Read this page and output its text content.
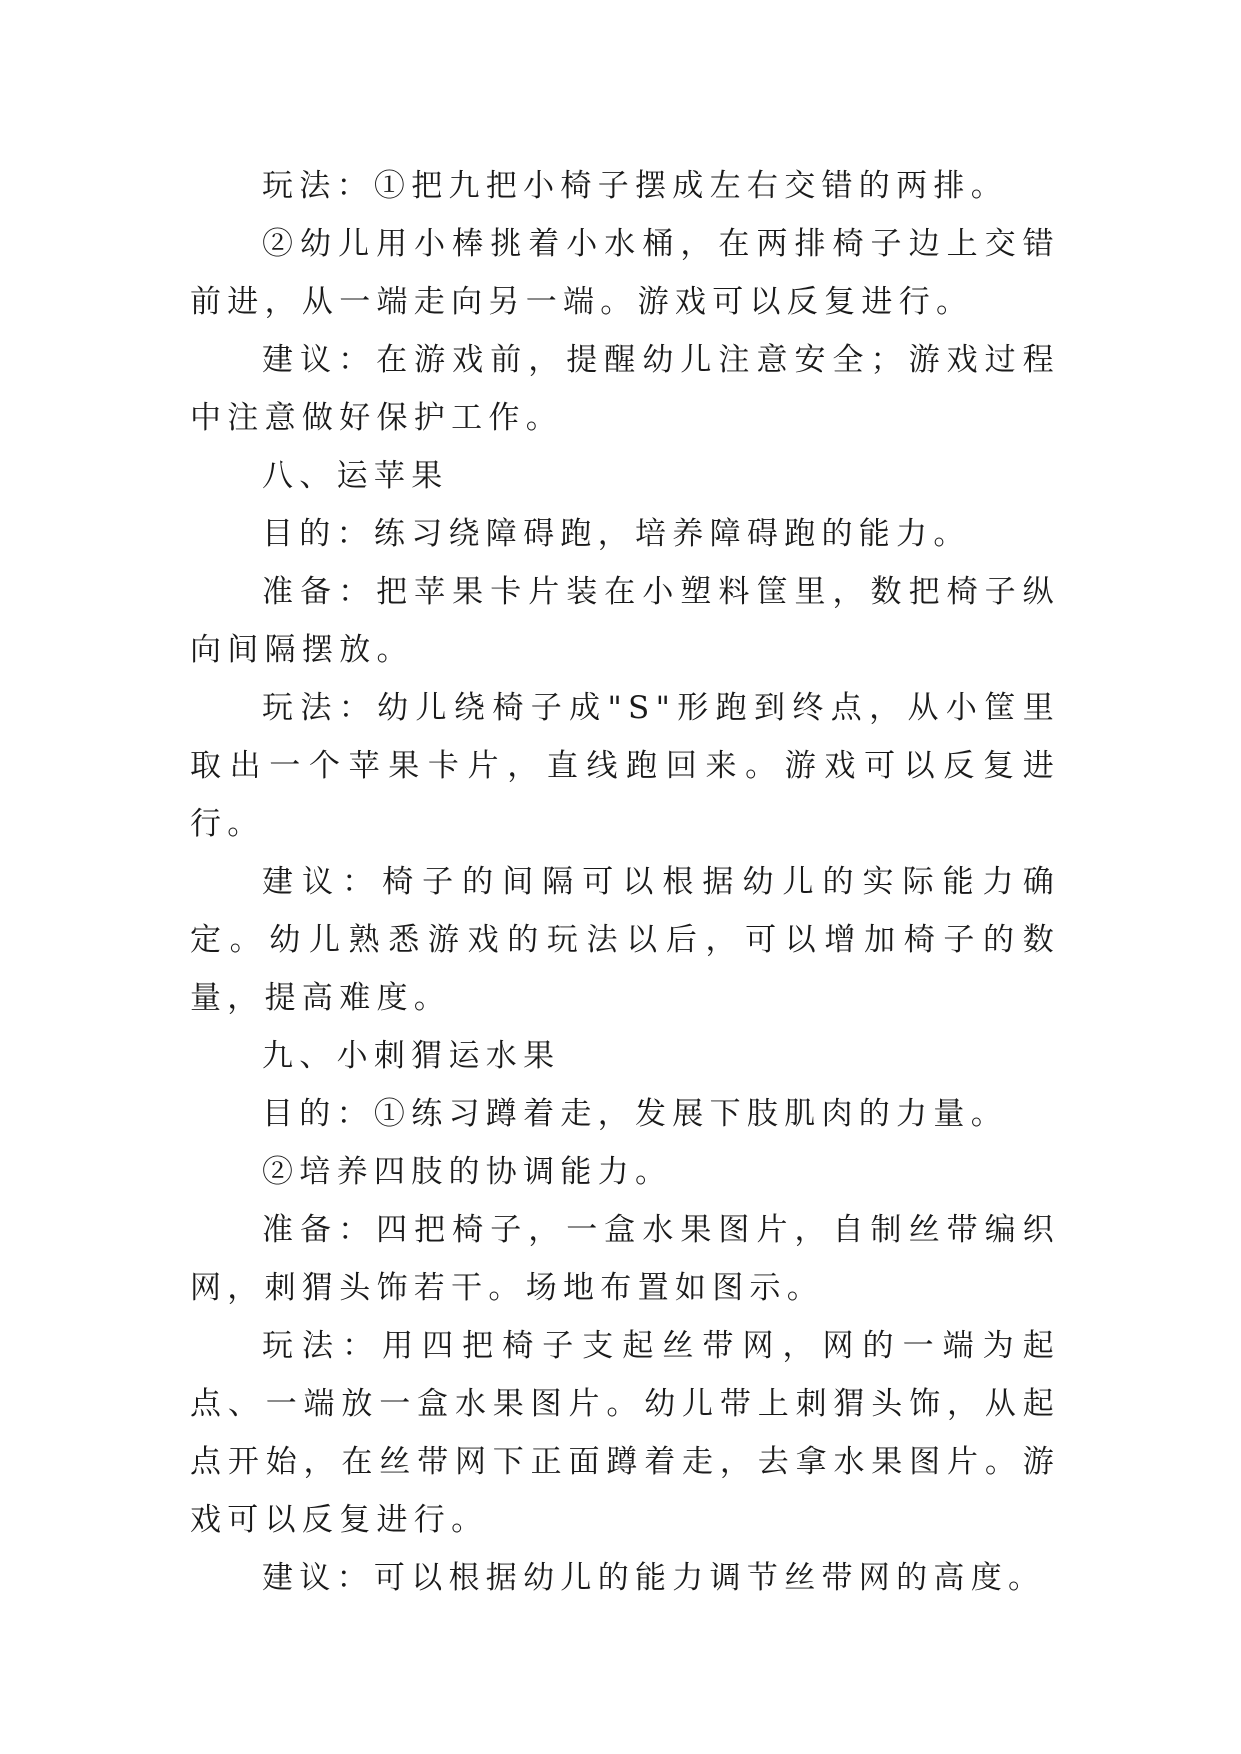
玩法：①把九把小椅子摆成左右交错的两排。

②幼儿用小棒挑着小水桶，在两排椅子边上交错前进，从一端走向另一端。游戏可以反复进行。

建议：在游戏前，提醒幼儿注意安全；游戏过程中注意做好保护工作。

八、运苹果

目的：练习绕障碍跑，培养障碍跑的能力。

准备：把苹果卡片装在小塑料筐里，数把椅子纵向间隔摆放。

玩法：幼儿绕椅子成"S"形跑到终点，从小筐里取出一个苹果卡片，直线跑回来。游戏可以反复进行。

建议：椅子的间隔可以根据幼儿的实际能力确定。幼儿熟悉游戏的玩法以后，可以增加椅子的数量，提高难度。

九、小刺猬运水果

目的：①练习蹲着走，发展下肢肌肉的力量。

②培养四肢的协调能力。

准备：四把椅子，一盒水果图片，自制丝带编织网，刺猬头饰若干。场地布置如图示。

玩法：用四把椅子支起丝带网，网的一端为起点、一端放一盒水果图片。幼儿带上刺猬头饰，从起点开始，在丝带网下正面蹲着走，去拿水果图片。游戏可以反复进行。

建议：可以根据幼儿的能力调节丝带网的高度。
